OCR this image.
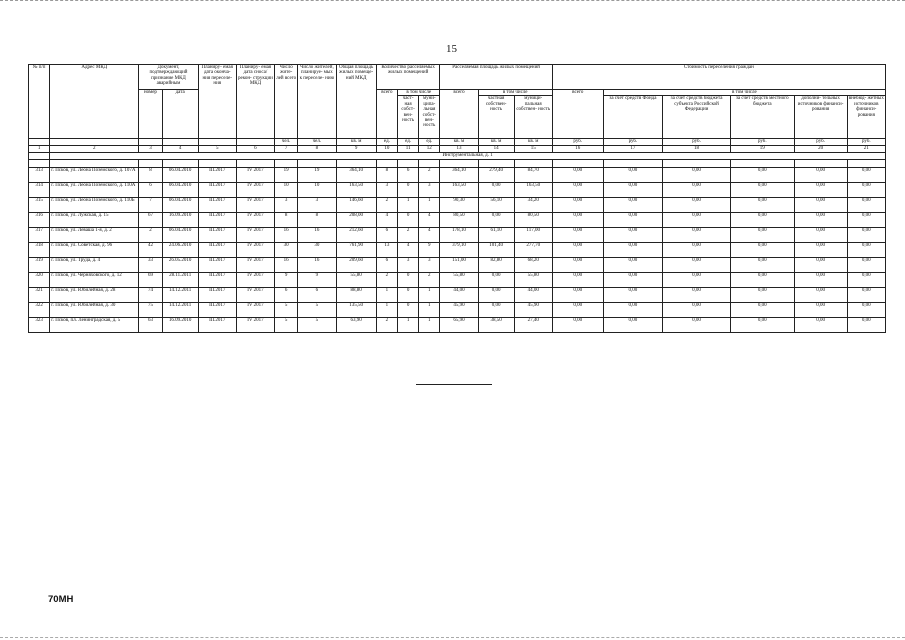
15
№ п/п	Адрес МКД	Документ, подтверждающий признание МКД аварийным		Планиру- емая дата оконча- ния переселе- ния	Планиру- емая дата сноса/ рекон- струкции МКД	Число жите- лей всего	Число жителей, планируе- мых к переселе- нию	Общая площадь жилых помеще- ний МКД	Количество расселяемых жилых помещений			Расселяемая площадь жилых помещений			Стоимость переселения граждан					
		номер	дата						всего	в том числе		всего	в том числе		всего	в том числе				
										част- ная собст- вен- ность	муни- ципа- льная собст- вен- ность		частная собствен- ность	муници- пальная собствен- ность		за счет средств Фонда	за счет средств бюджета субъекта Российской Федерации	за счет средств местного бюджета	дополни- тельных источников финанси- рования	внебюд- жетных источников финанси- рования
						чел.	чел.	кв. м	ед.	ед.	ед.	кв. м	кв. м	кв. м	руб.	руб.	руб.	руб.	руб.	руб.
1	2	3	4	5	6	7	8	9	10	11	12	13	14	15	16	17	18	19	20	21
	Инструментальная, д. 1																			

313	г. Псков, ул. Леона Поземского, д. 107А	8	06.04.2010	III.2017	IV 2017	19	19	364,10	8	6	2	364,10	279,40	84,70	0,00	0,00	0,00	0,00	0,00	0,00
314	г. Псков, ул. Леона Поземского, д. 110А	6	06.04.2010	III.2017	IV 2017	10	10	163,50	3	0	3	163,50	0,00	163,50	0,00	0,00	0,00	0,00	0,00	0,00
315	г. Псков, ул. Леона Поземского, д. 110Б	7	06.04.2010	III.2017	IV 2017	3	3	146,60	2	1	1	90,30	56,10	34,20	0,00	0,00	0,00	0,00	0,00	0,00
316	г. Псков, ул. Лужская, д. 15	67	16.09.2010	III.2017	IV 2017	8	8	208,00	4	0	4	80,50	0,00	80,50	0,00	0,00	0,00	0,00	0,00	0,00
317	г. Псков, ул. Леваша 1-я, д. 2	2	06.04.2010	III.2017	IV 2017	16	16	212,60	6	2	4	178,10	61,10	117,00	0,00	0,00	0,00	0,00	0,00	0,00
318	г. Псков, ул. Советская, д. 96	42	24.06.2010	III.2017	IV 2017	30	30	761,90	13	4	9	379,10	101,40	277,70	0,00	0,00	0,00	0,00	0,00	0,00
319	г. Псков, ул. Труда, д. 4	33	26.05.2010	III.2017	IV 2017	16	16	209,60	6	3	3	151,00	82,80	68,20	0,00	0,00	0,00	0,00	0,00	0,00
320	г. Псков, ул. Черняховского, д. 12	69	28.11.2011	III.2017	IV 2017	9	9	55,80	2	0	2	55,80	0,00	55,80	0,00	0,00	0,00	0,00	0,00	0,00
321	г. Псков, ул. Юбилейная, д. 28	74	14.12.2011	III.2017	IV 2017	6	6	88,80	1	0	1	44,00	0,00	44,00	0,00	0,00	0,00	0,00	0,00	0,00
322	г. Псков, ул. Юбилейная, д. 30	75	14.12.2011	III.2017	IV 2017	5	5	135,50	1	0	1	45,90	0,00	45,90	0,00	0,00	0,00	0,00	0,00	0,00
323	г. Псков, пл. Ленинградская, д. 5	63	16.09.2010	III.2017	IV 2017	5	5	63,90	2	1	1	65,90	38,50	27,40	0,00	0,00	0,00	0,00	0,00	0,00
70МН
